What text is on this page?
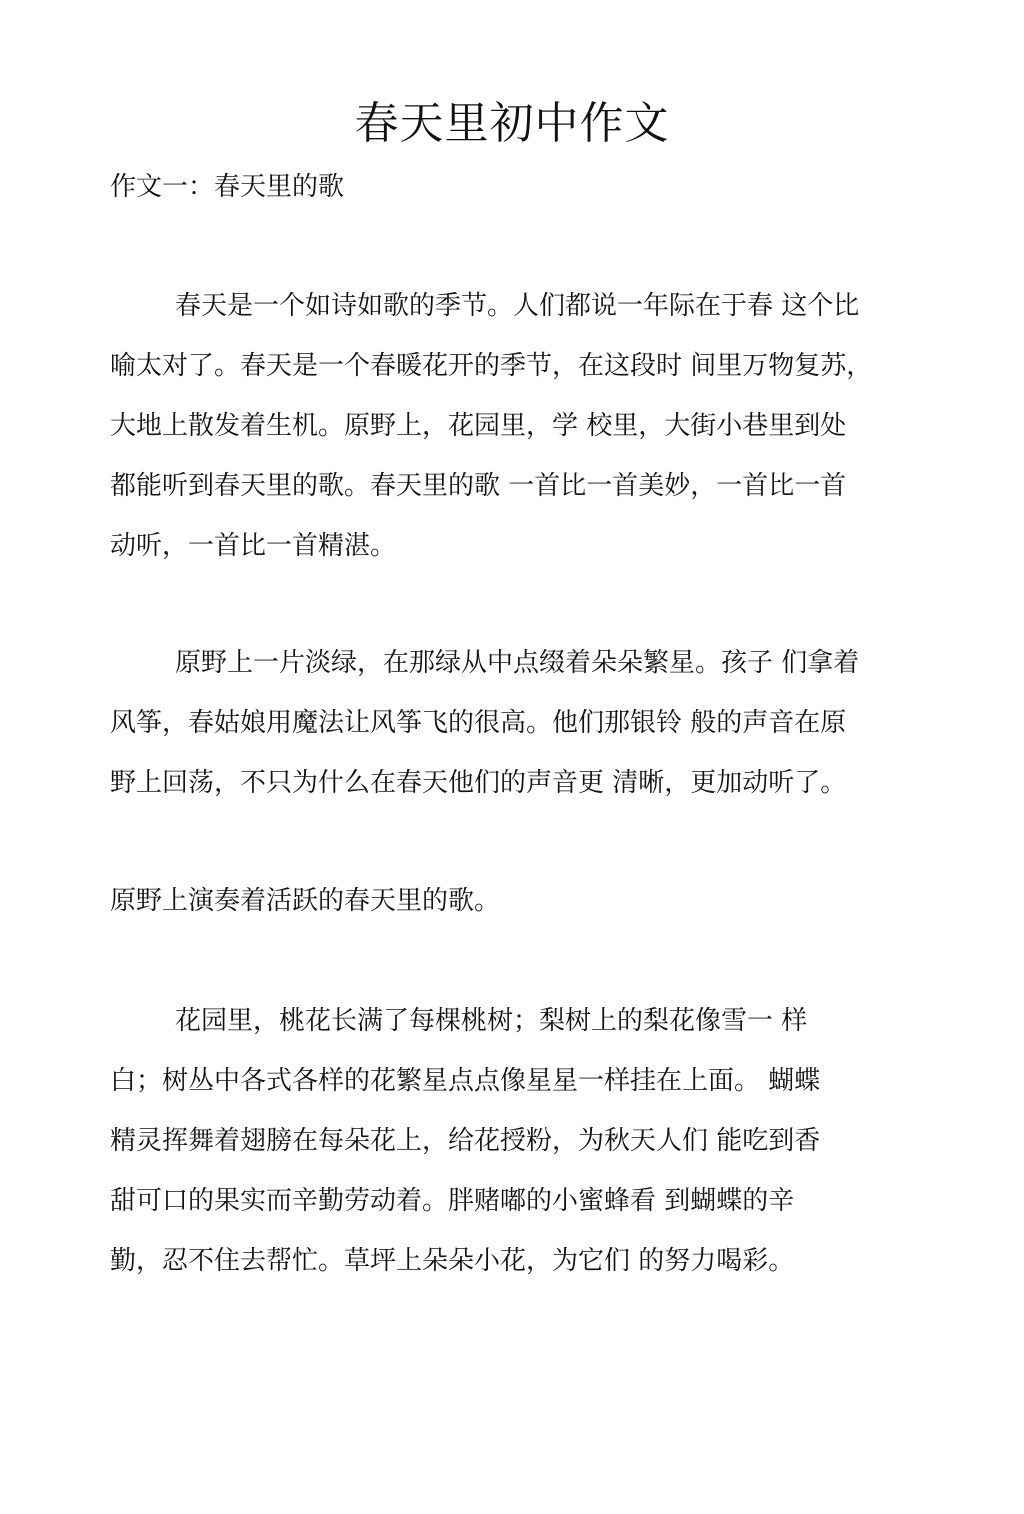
春天里初中作文

作文一：春天里的歌

春天是一个如诗如歌的季节。人们都说一年际在于春 这个比
喻太对了。春天是一个春暖花开的季节，在这段时 间里万物复苏，
大地上散发着生机。原野上，花园里，学 校里，大街小巷里到处
都能听到春天里的歌。春天里的歌 一首比一首美妙，一首比一首
动听，一首比一首精湛。
原野上一片淡绿，在那绿从中点缀着朵朵繁星。孩子 们拿着
风筝，春姑娘用魔法让风筝飞的很高。他们那银铃 般的声音在原
野上回荡，不只为什么在春天他们的声音更 清晰，更加动听了。
原野上演奏着活跃的春天里的歌。
花园里，桃花长满了每棵桃树；梨树上的梨花像雪一 样
白；树丛中各式各样的花繁星点点像星星一样挂在上面。 蝴蝶
精灵挥舞着翅膀在每朵花上，给花授粉，为秋天人们 能吃到香
甜可口的果实而辛勤劳动着。胖赌嘟的小蜜蜂看 到蝴蝶的辛
勤，忍不住去帮忙。草坪上朵朵小花，为它们 的努力喝彩。
